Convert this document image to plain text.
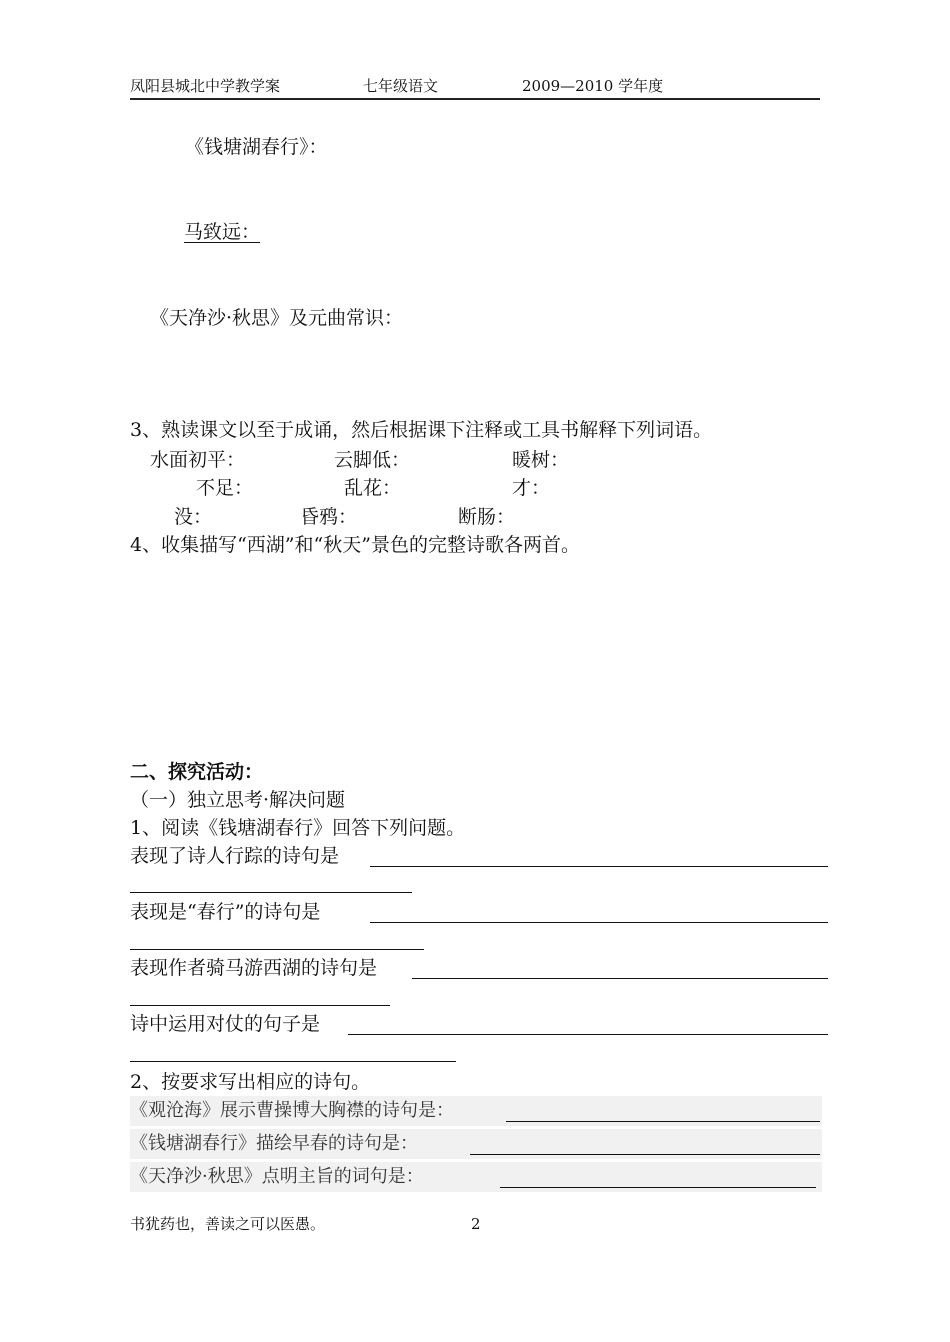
凤阳县城北中学教学案	七年级语文	2009—2010 学年度
《钱塘湖春行》：
马致远：
《天净沙·秋思》及元曲常识：
3、熟读课文以至于成诵，然后根据课下注释或工具书解释下列词语。
水面初平：	云脚低：	暖树：
不足：	乱花：	才：
没：	昏鸦：	断肠：
4、收集描写“西湖”和“秋天”景色的完整诗歌各两首。
二、探究活动：
（一）独立思考·解决问题
1、阅读《钱塘湖春行》回答下列问题。
表现了诗人行踪的诗句是
表现是“春行”的诗句是
表现作者骑马游西湖的诗句是
诗中运用对仗的句子是
2、按要求写出相应的诗句。
《观沧海》展示曹操博大胸襟的诗句是：
《钱塘湖春行》描绘早春的诗句是：
《天净沙·秋思》点明主旨的词句是：
书犹药也，善读之可以医愚。	2
